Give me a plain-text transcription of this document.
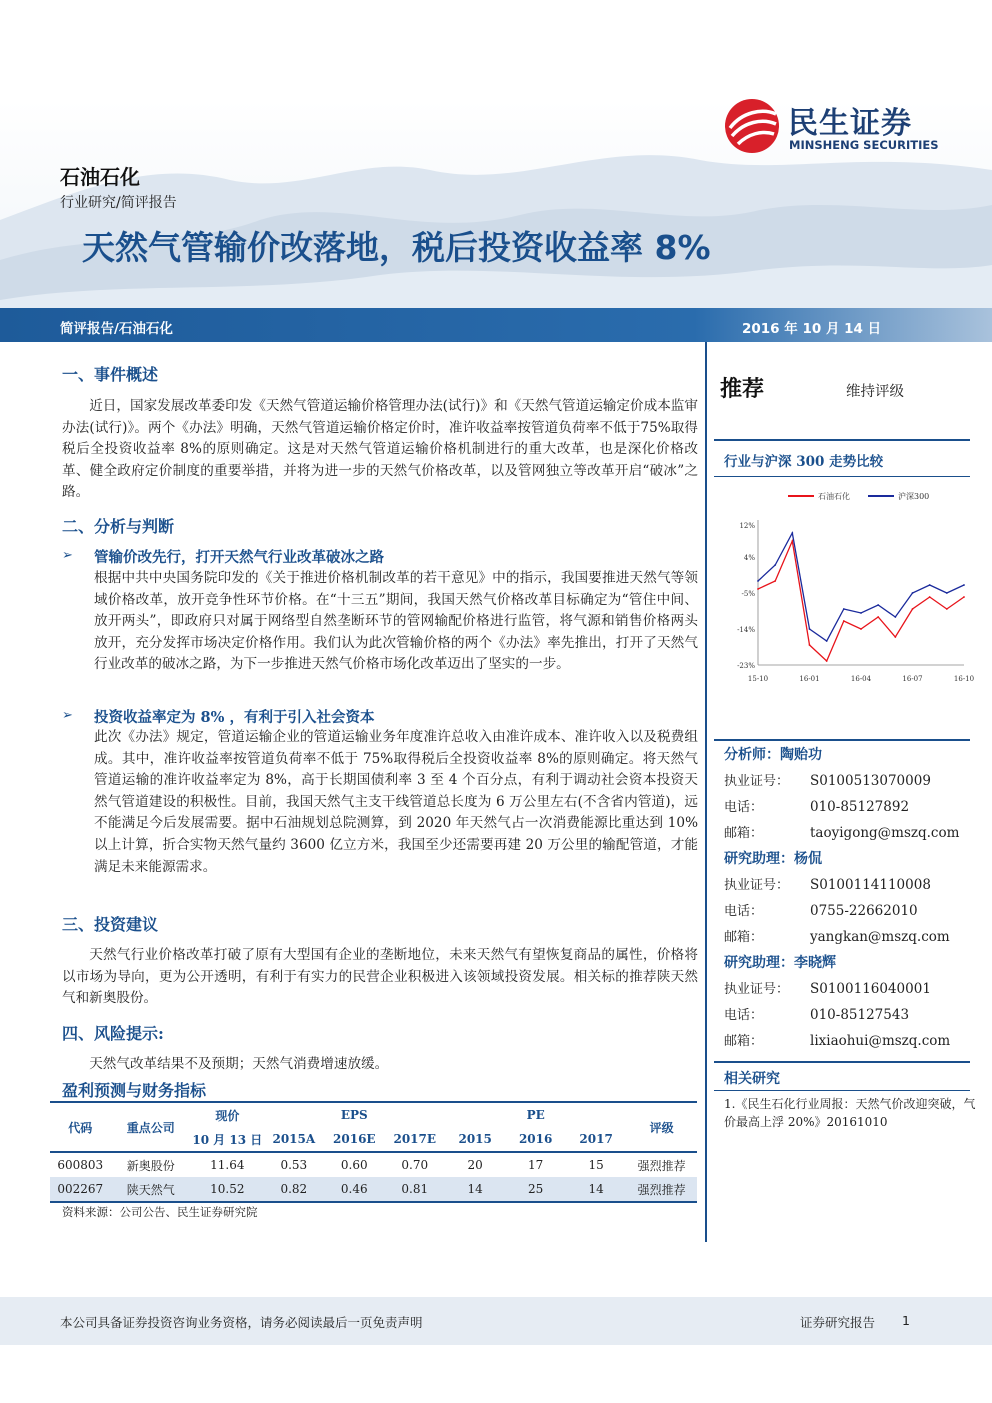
民生证券
MINSHENG SECURITIES
石油石化
行业研究/简评报告
天然气管输价改落地，税后投资收益率 8%
简评报告/石油石化	2016 年 10 月 14 日
一、事件概述
近日，国家发展改革委印发《天然气管道运输价格管理办法(试行)》和《天然气管道运输定价成本监审办法(试行)》。两个《办法》明确，天然气管道运输价格定价时，准许收益率按管道负荷率不低于75%取得税后全投资收益率 8%的原则确定。这是对天然气管道运输价格机制进行的重大改革，也是深化价格改革、健全政府定价制度的重要举措，并将为进一步的天然气价格改革，以及管网独立等改革开启“破冰”之路。
二、分析与判断
➢ 管输价改先行，打开天然气行业改革破冰之路
根据中共中央国务院印发的《关于推进价格机制改革的若干意见》中的指示，我国要推进天然气等领域价格改革，放开竞争性环节价格。在“十三五”期间，我国天然气价格改革目标确定为“管住中间、放开两头”，即政府只对属于网络型自然垄断环节的管网输配价格进行监管，将气源和销售价格两头放开，充分发挥市场决定价格作用。我们认为此次管输价格的两个《办法》率先推出，打开了天然气行业改革的破冰之路，为下一步推进天然气价格市场化改革迈出了坚实的一步。
➢ 投资收益率定为 8% ，有利于引入社会资本
此次《办法》规定，管道运输企业的管道运输业务年度准许总收入由准许成本、准许收入以及税费组成。其中，准许收益率按管道负荷率不低于 75%取得税后全投资收益率 8%的原则确定。将天然气管道运输的准许收益率定为 8%，高于长期国债利率 3 至 4 个百分点，有利于调动社会资本投资天然气管道建设的积极性。目前，我国天然气主支干线管道总长度为 6 万公里左右(不含省内管道)，远不能满足今后发展需要。据中石油规划总院测算，到 2020 年天然气占一次消费能源比重达到 10%以上计算，折合实物天然气量约 3600 亿立方米，我国至少还需要再建 20 万公里的输配管道，才能满足未来能源需求。
三、投资建议
天然气行业价格改革打破了原有大型国有企业的垄断地位，未来天然气有望恢复商品的属性，价格将以市场为导向，更为公开透明，有利于有实力的民营企业积极进入该领域投资发展。相关标的推荐陕天然气和新奥股份。
四、风险提示:
天然气改革结果不及预期；天然气消费增速放缓。
盈利预测与财务指标
代码	重点公司	现价	EPS			PE			评级
		10 月 13 日	2015A	2016E	2017E	2015	2016	2017	

600803	新奥股份	11.64	0.53	0.60	0.70	20	17	15	强烈推荐
002267	陕天然气	10.52	0.82	0.46	0.81	14	25	14	强烈推荐
资料来源：公司公告、民生证券研究院
推荐	维持评级
行业与沪深 300 走势比较
石油石化	沪深300
12%
4%
-5%
-14%
-23%
15-10	16-01	16-04	16-07	16-10
分析师：陶贻功
执业证号： S0100513070009
电话：	010-85127892
邮箱：	taoyigong@mszq.com
研究助理：杨侃
执业证号： S0100114110008
电话：	0755-22662010
邮箱：	yangkan@mszq.com
研究助理：李晓辉
执业证号： S0100116040001
电话：	010-85127543
邮箱：	lixiaohui@mszq.com
相关研究
1.《民生石化行业周报：天然气价改迎突破，气价最高上浮 20%》20161010
本公司具备证券投资咨询业务资格，请务必阅读最后一页免责声明	证券研究报告 1
